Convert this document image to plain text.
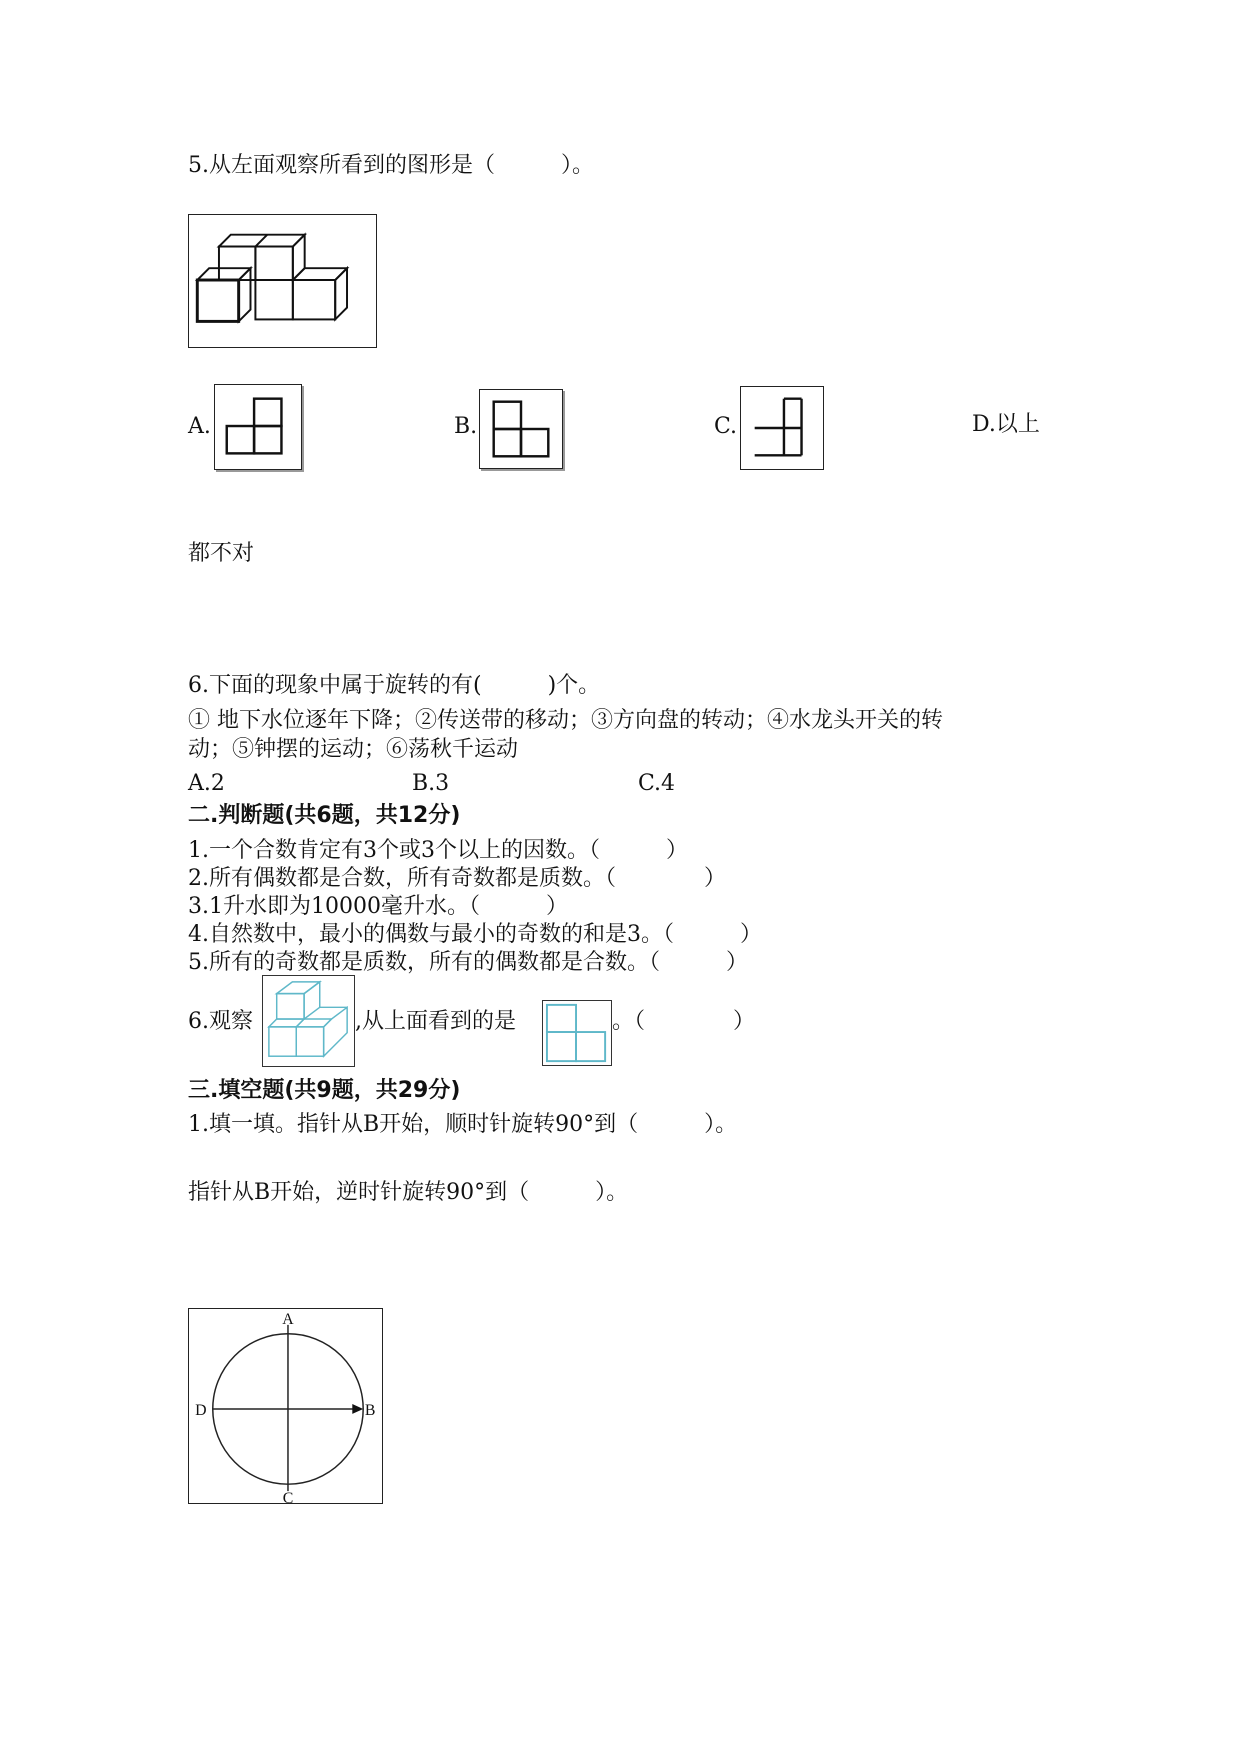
5.从左面观察所看到的图形是（　　　）。
A.	B.	C.	D.以上
都不对
6.下面的现象中属于旋转的有(　　　)个。
① 地下水位逐年下降；②传送带的移动；③方向盘的转动；④水龙头开关的转
动；⑤钟摆的运动；⑥荡秋千运动
A.2	B.3	C.4
二.判断题(共6题，共12分)
1.一个合数肯定有3个或3个以上的因数。（　　　）
2.所有偶数都是合数，所有奇数都是质数。（　　　　）
3.1升水即为10000毫升水。（　　　）
4.自然数中，最小的偶数与最小的奇数的和是3。（　　　）
5.所有的奇数都是质数，所有的偶数都是合数。（　　　）
6.观察	,从上面看到的是	。（　　　　）
三.填空题(共9题，共29分)
1.填一填。指针从B开始，顺时针旋转90°到（　　　）。
指针从B开始，逆时针旋转90°到（　　　）。
A
B
C
D
